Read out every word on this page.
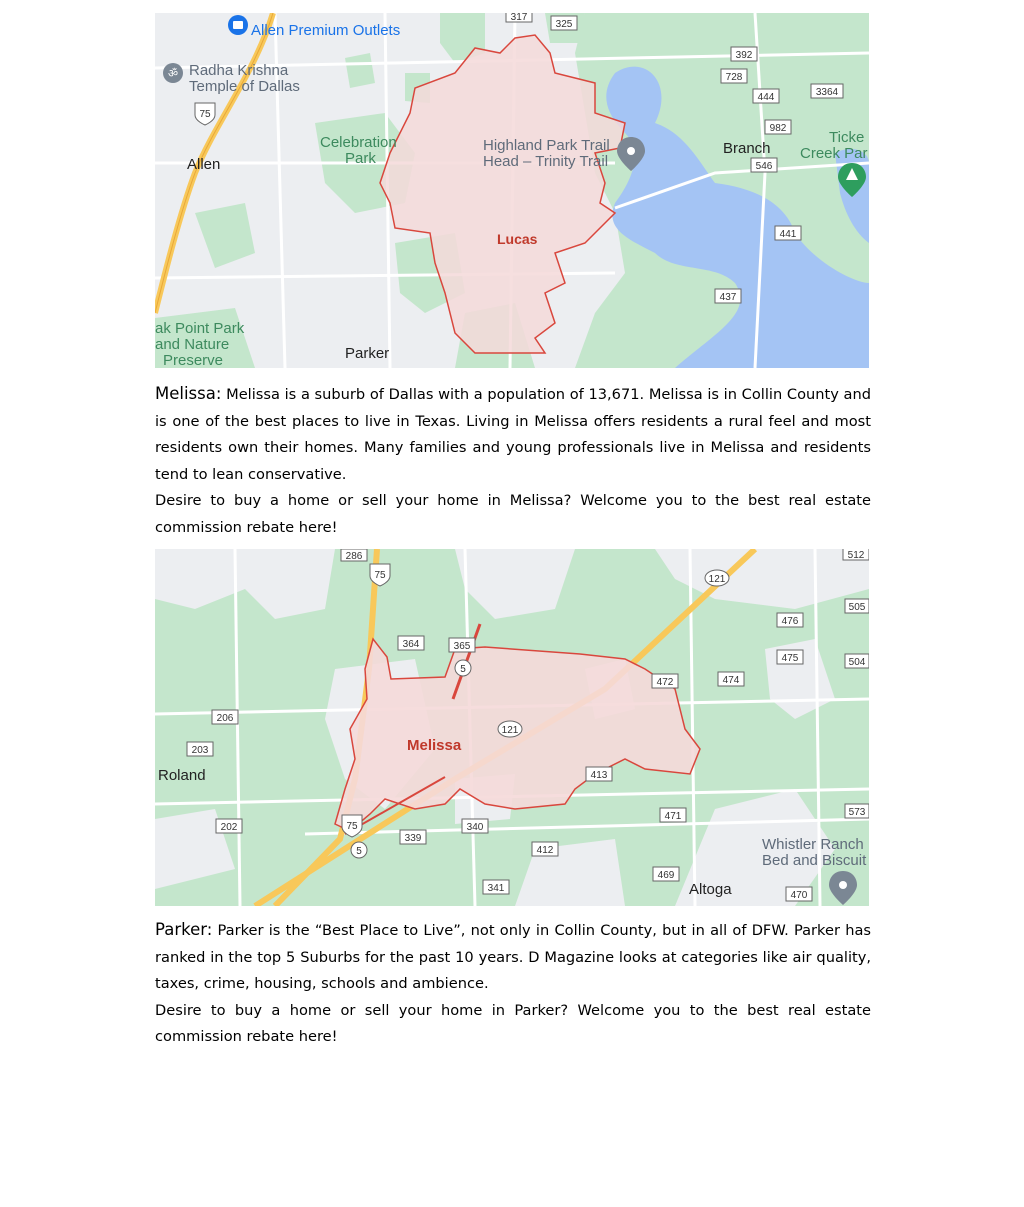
ॐ
Allen Premium Outlets
Radha Krishna
Temple of Dallas
Allen
Celebration
Park
Highland Park Trail
Head – Trinity Trail
Branch
Ticke
Creek Par
Lucas
ak Point Park
and Nature
Preserve	Parker
317
325
392
728
444	3364
982
546
441
437
75

Melissa: Melissa is a suburb of Dallas with a population of 13,671. Melissa is in Collin County and is one of the best places to live in Texas. Living in Melissa offers residents a rural feel and most residents own their homes. Many families and young professionals live in Melissa and residents tend to lean conservative.

Desire to buy a home or sell your home in Melissa? Welcome you to the best real estate commission rebate here!

Melissa
Roland
Altoga
Whistler Ranch
Bed and Biscuit
286	512
505
476
475	504
364	365
472	474
206
203
413
573
202	340
471
339
412
469
341
470
75
75
121
121
5
5

Parker: Parker is the “Best Place to Live”, not only in Collin County, but in all of DFW. Parker has ranked in the top 5 Suburbs for the past 10 years. D Magazine looks at categories like air quality, taxes, crime, housing, schools and ambience.

Desire to buy a home or sell your home in Parker? Welcome you to the best real estate commission rebate here!
